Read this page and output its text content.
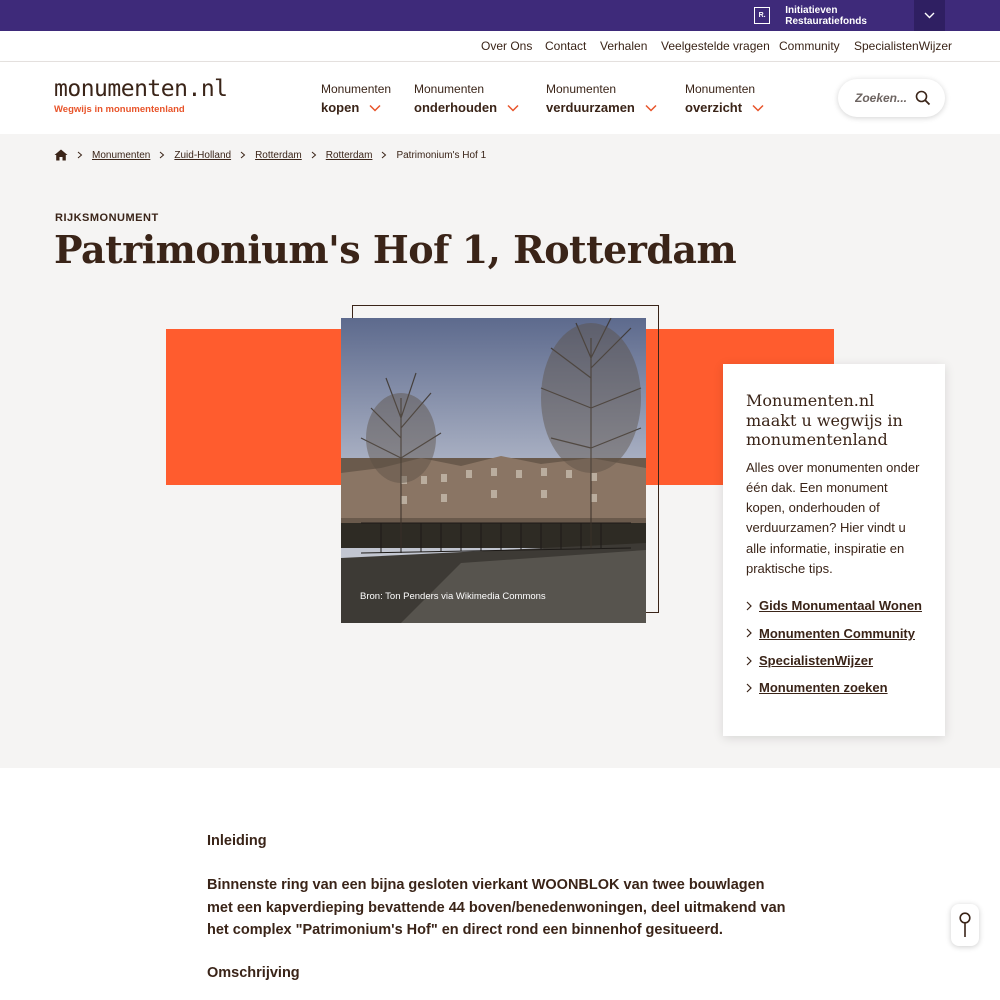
R.	Initiatieven Restauratiefonds
Over Ons Contact Verhalen Veelgestelde vragen Community SpecialistenWijzer
monumenten.nl
Wegwijs in monumentenland
Monumenten
kopen
Monumenten
onderhouden
Monumenten
verduurzamen
Monumenten
overzicht
Zoeken...
Monumenten Zuid-Holland Rotterdam Rotterdam Patrimonium's Hof 1
RIJKSMONUMENT
Patrimonium's Hof 1, Rotterdam
Bron: Ton Penders via Wikimedia Commons
Monumenten.nl maakt u wegwijs in monumentenland

Alles over monumenten onder één dak. Een monument kopen, onderhouden of verduurzamen? Hier vindt u alle informatie, inspiratie en praktische tips.

Gids Monumentaal Wonen
Monumenten Community
SpecialistenWijzer
Monumenten zoeken
Inleiding
Binnenste ring van een bijna gesloten vierkant WOONBLOK van twee bouwlagen met een kapverdieping bevattende 44 boven/benedenwoningen, deel uitmakend van het complex "Patrimonium's Hof" en direct rond een binnenhof gesitueerd.
Omschrijving
